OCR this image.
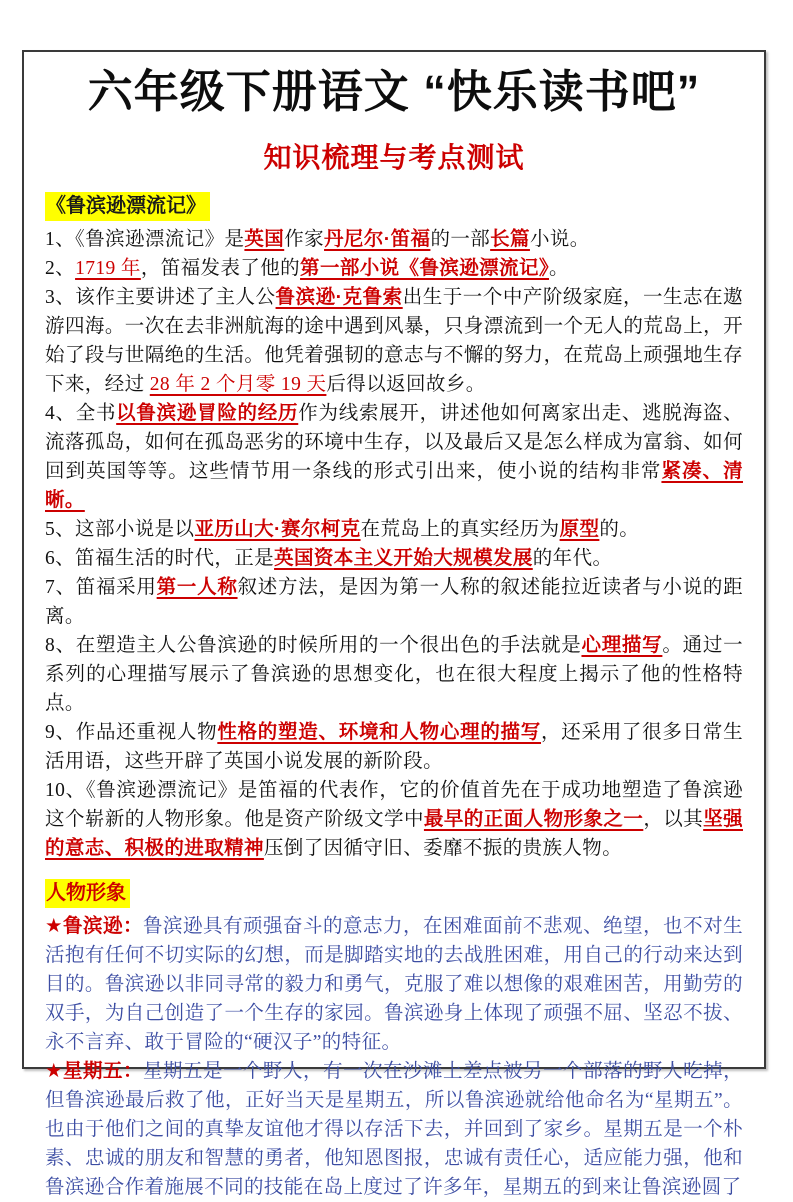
六年级下册语文 “快乐读书吧”
知识梳理与考点测试
《鲁滨逊漂流记》

1、《鲁滨逊漂流记》是英国作家丹尼尔·笛福的一部长篇小说。

2、1719 年，笛福发表了他的第一部小说《鲁滨逊漂流记》。

3、该作主要讲述了主人公鲁滨逊·克鲁索出生于一个中产阶级家庭，一生志在遨游四海。一次在去非洲航海的途中遇到风暴，只身漂流到一个无人的荒岛上，开始了段与世隔绝的生活。他凭着强韧的意志与不懈的努力，在荒岛上顽强地生存下来，经过 28 年 2 个月零 19 天后得以返回故乡。

4、全书以鲁滨逊冒险的经历作为线索展开，讲述他如何离家出走、逃脱海盗、流落孤岛，如何在孤岛恶劣的环境中生存，以及最后又是怎么样成为富翁、如何回到英国等等。这些情节用一条线的形式引出来，使小说的结构非常紧凑、清晰。

5、这部小说是以亚历山大·赛尔柯克在荒岛上的真实经历为原型的。

6、笛福生活的时代，正是英国资本主义开始大规模发展的年代。

7、笛福采用第一人称叙述方法，是因为第一人称的叙述能拉近读者与小说的距离。

8、在塑造主人公鲁滨逊的时候所用的一个很出色的手法就是心理描写。通过一系列的心理描写展示了鲁滨逊的思想变化，也在很大程度上揭示了他的性格特点。

9、作品还重视人物性格的塑造、环境和人物心理的描写，还采用了很多日常生活用语，这些开辟了英国小说发展的新阶段。

10、《鲁滨逊漂流记》是笛福的代表作，它的价值首先在于成功地塑造了鲁滨逊这个崭新的人物形象。他是资产阶级文学中最早的正面人物形象之一，以其坚强的意志、积极的进取精神压倒了因循守旧、委靡不振的贵族人物。

人物形象

★鲁滨逊：鲁滨逊具有顽强奋斗的意志力，在困难面前不悲观、绝望，也不对生活抱有任何不切实际的幻想，而是脚踏实地的去战胜困难，用自己的行动来达到目的。鲁滨逊以非同寻常的毅力和勇气，克服了难以想像的艰难困苦，用勤劳的双手，为自己创造了一个生存的家园。鲁滨逊身上体现了顽强不屈、坚忍不拔、永不言弃、敢于冒险的“硬汉子”的特征。

★星期五：星期五是一个野人，有一次在沙滩上差点被另一个部落的野人吃掉，但鲁滨逊最后救了他，正好当天是星期五，所以鲁滨逊就给他命名为“星期五”。也由于他们之间的真挚友谊他才得以存活下去，并回到了家乡。星期五是一个朴素、忠诚的朋友和智慧的勇者，他知恩图报，忠诚有责任心，适应能力强，他和鲁滨逊合作着施展不同的技能在岛上度过了许多年，星期五的到来让鲁滨逊圆了
